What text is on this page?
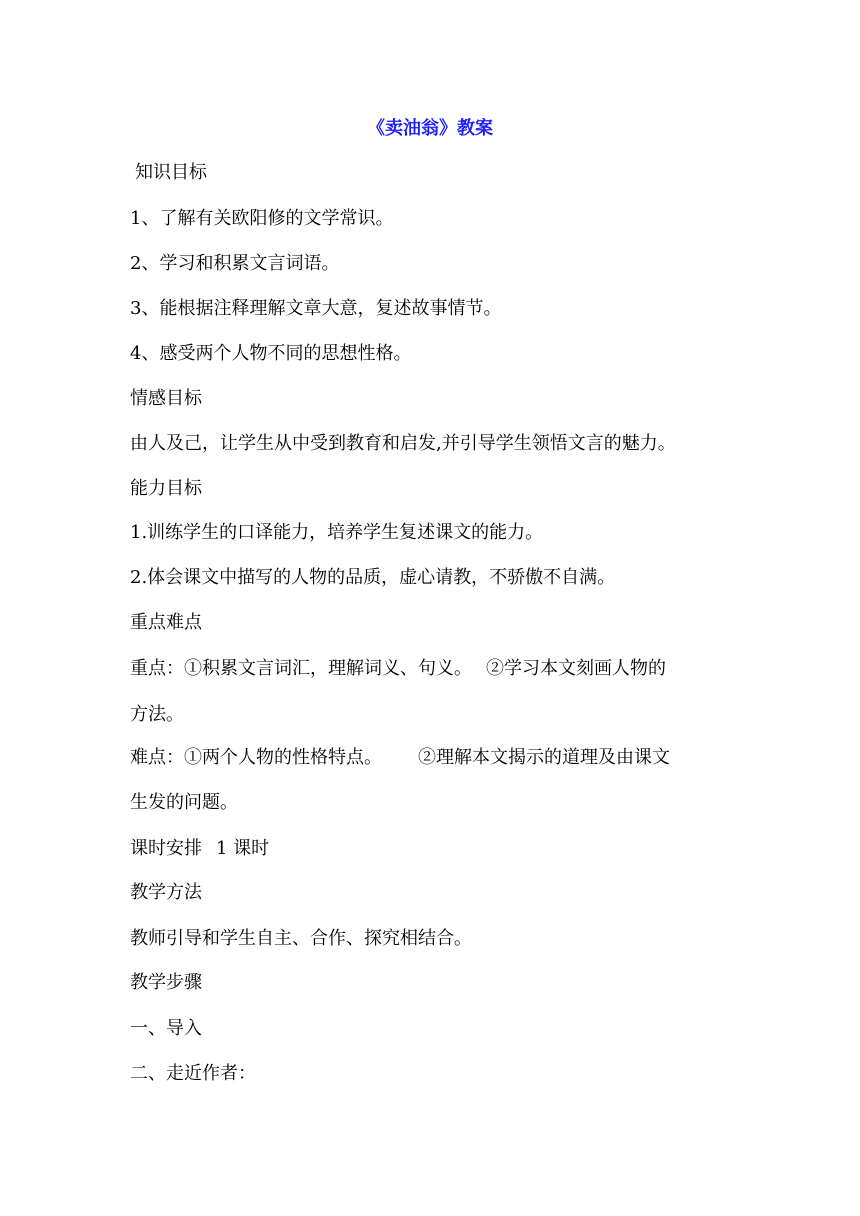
《卖油翁》教案
知识目标
1、了解有关欧阳修的文学常识。
2、学习和积累文言词语。
3、能根据注释理解文章大意，复述故事情节。
4、感受两个人物不同的思想性格。
情感目标
由人及己，让学生从中受到教育和启发,并引导学生领悟文言的魅力。
能力目标
1.训练学生的口译能力，培养学生复述课文的能力。
2.体会课文中描写的人物的品质，虚心请教，不骄傲不自满。
重点难点
重点：①积累文言词汇，理解词义、句义。 ②学习本文刻画人物的
方法。
难点：①两个人物的性格特点。 ②理解本文揭示的道理及由课文
生发的问题。
课时安排 1 课时
教学方法
教师引导和学生自主、合作、探究相结合。
教学步骤
一、导入
二、走近作者：
